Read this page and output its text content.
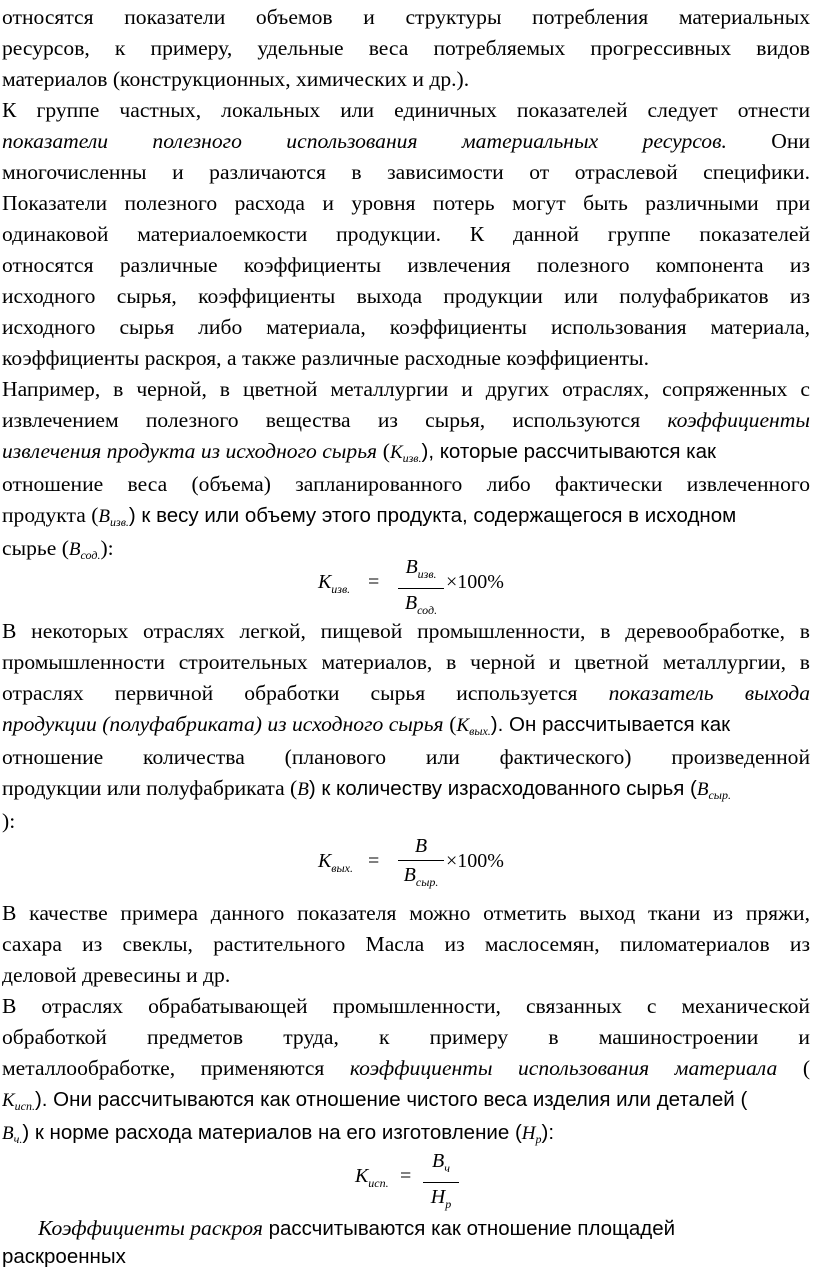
относятся показатели объемов и структуры потребления материальных
ресурсов, к примеру, удельные веса потребляемых прогрессивных видов
материалов (конструкционных, химических и др.).
К группе частных, локальных или единичных показателей следует отнести
показатели полезного использования материальных ресурсов. Они
многочисленны и различаются в зависимости от отраслевой специфики.
Показатели полезного расхода и уровня потерь могут быть различными при
одинаковой материалоемкости продукции. К данной группе показателей
относятся различные коэффициенты извлечения полезного компонента из
исходного сырья, коэффициенты выхода продукции или полуфабрикатов из
исходного сырья либо материала, коэффициенты использования материала,
коэффициенты раскроя, а также различные расходные коэффициенты.
Например, в черной, в цветной металлургии и других отраслях, сопряженных с
извлечением полезного вещества из сырья, используются коэффициенты
извлечения продукта из исходного сырья (Кизв.), которые рассчитываются как
отношение веса (объема) запланированного либо фактически извлеченного
продукта (Визв.) к весу или объему этого продукта, содержащегося в исходном
сырье (Всод.):
$К_{изв.}$ =
$В_{изв.}$
$В_{сод.}$
×100%
В некоторых отраслях легкой, пищевой промышленности, в деревообработке, в
промышленности строительных материалов, в черной и цветной металлургии, в
отраслях первичной обработки сырья используется показатель выхода
продукции (полуфабриката) из исходного сырья (Квых.). Он рассчитывается как
отношение количества (планового или фактического) произведенной
продукции или полуфабриката (В) к количеству израсходованного сырья (Всыр.
):
$К_{вых.}$ =
В
$В_{сыр.}$
×100%
В качестве примера данного показателя можно отметить выход ткани из пряжи,
сахара из свеклы, растительного Масла из маслосемян, пиломатериалов из
деловой древесины и др.
В отраслях обрабатывающей промышленности, связанных с механической
обработкой предметов труда, к примеру в машиностроении и
металлообработке, применяются коэффициенты использования материала (
Кисп.). Они рассчитываются как отношение чистого веса изделия или деталей (
Вч.) к норме расхода материалов на его изготовление (Нр):
$К_{исп.}$ =
$В_ч$
$Н_р$
Коэффициенты раскроя рассчитываются как отношение площадей
раскроенных
